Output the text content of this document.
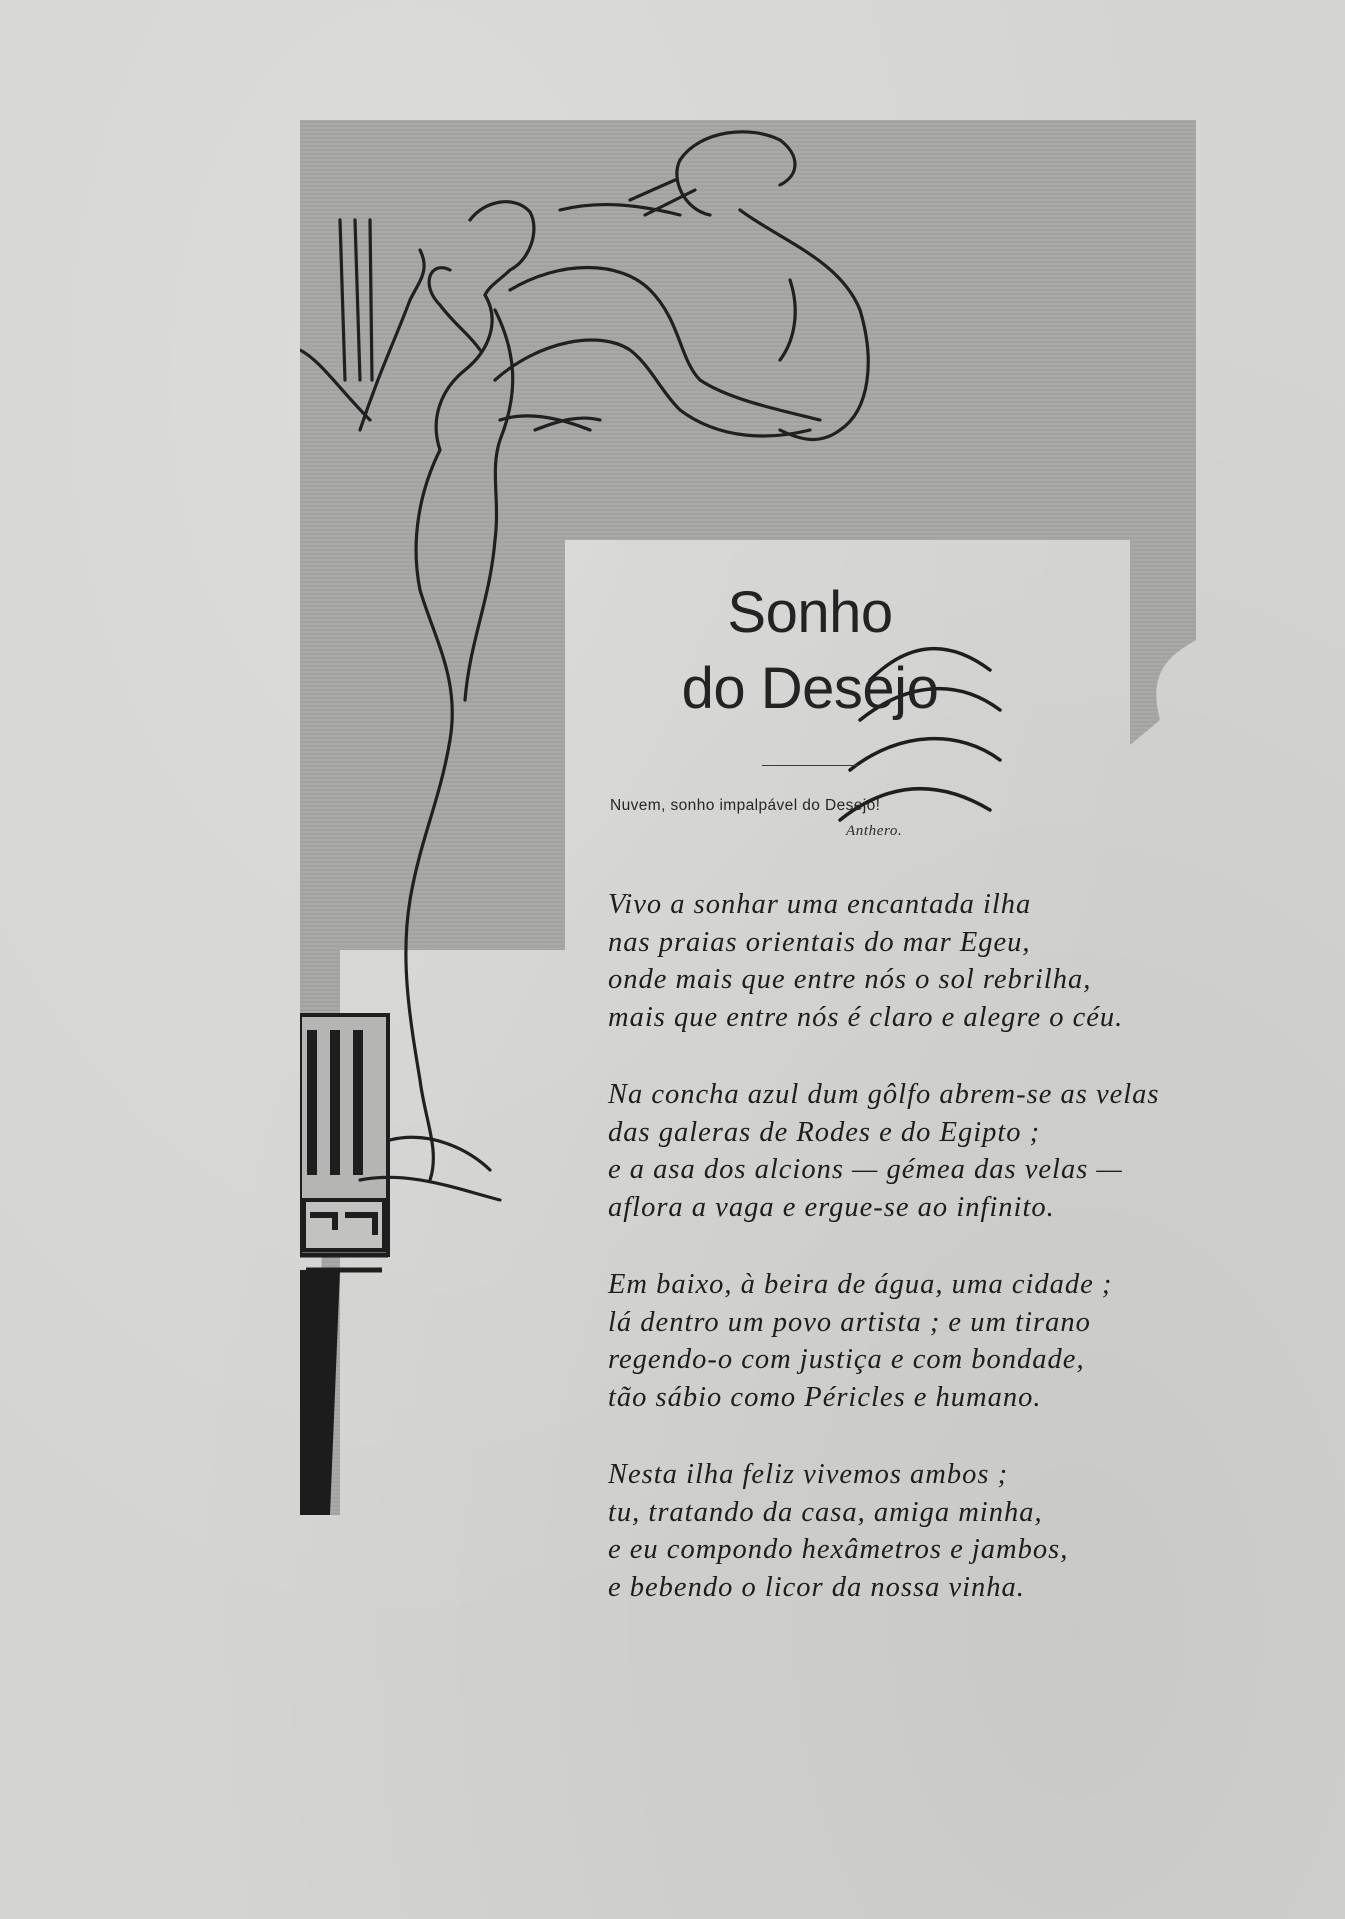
Sonho
do Desejo
Nuvem, sonho impalpável do Desejo!
Anthero.
Vivo a sonhar uma encantada ilha
nas praias orientais do mar Egeu,
onde mais que entre nós o sol rebrilha,
mais que entre nós é claro e alegre o céu.
Na concha azul dum gôlfo abrem-se as velas
das galeras de Rodes e do Egipto ;
e a asa dos alcions — gémea das velas —
aflora a vaga e ergue-se ao infinito.
Em baixo, à beira de água, uma cidade ;
lá dentro um povo artista ; e um tirano
regendo-o com justiça e com bondade,
tão sábio como Péricles e humano.
Nesta ilha feliz vivemos ambos ;
tu, tratando da casa, amiga minha,
e eu compondo hexâmetros e jambos,
e bebendo o licor da nossa vinha.
